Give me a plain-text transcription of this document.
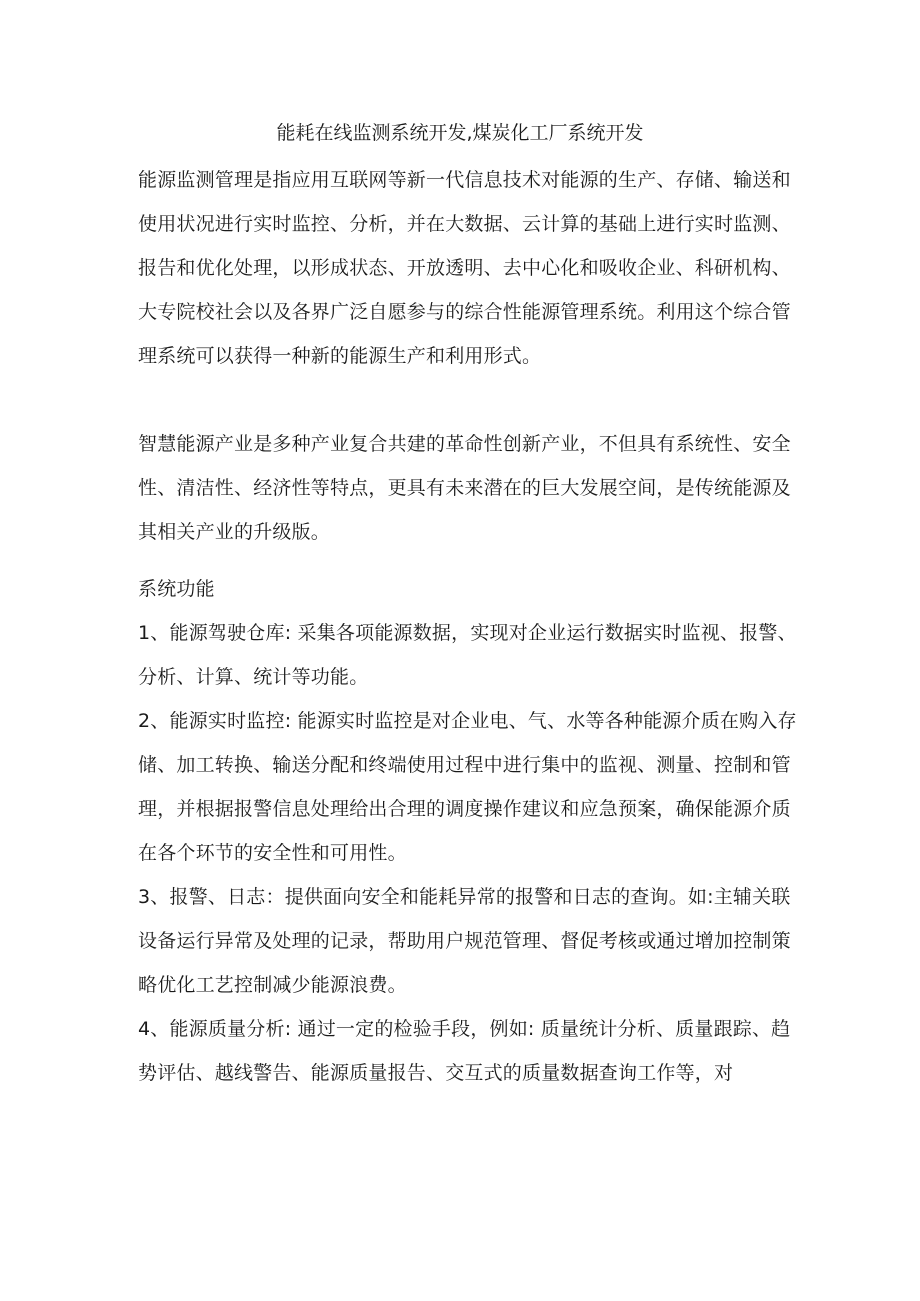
能耗在线监测系统开发,煤炭化工厂系统开发

能源监测管理是指应用互联网等新一代信息技术对能源的生产、存储、输送和使用状况进行实时监控、分析，并在大数据、云计算的基础上进行实时监测、报告和优化处理，以形成状态、开放透明、去中心化和吸收企业、科研机构、大专院校社会以及各界广泛自愿参与的综合性能源管理系统。利用这个综合管理系统可以获得一种新的能源生产和利用形式。

智慧能源产业是多种产业复合共建的革命性创新产业，不但具有系统性、安全性、清洁性、经济性等特点，更具有未来潜在的巨大发展空间，是传统能源及其相关产业的升级版。

系统功能

1、能源驾驶仓库: 采集各项能源数据，实现对企业运行数据实时监视、报警、分析、计算、统计等功能。

2、能源实时监控: 能源实时监控是对企业电、气、水等各种能源介质在购入存储、加工转换、输送分配和终端使用过程中进行集中的监视、测量、控制和管理，并根据报警信息处理给出合理的调度操作建议和应急预案，确保能源介质在各个环节的安全性和可用性。

3、报警、日志：提供面向安全和能耗异常的报警和日志的查询。如:主辅关联设备运行异常及处理的记录，帮助用户规范管理、督促考核或通过增加控制策略优化工艺控制减少能源浪费。

4、能源质量分析: 通过一定的检验手段，例如: 质量统计分析、质量跟踪、趋势评估、越线警告、能源质量报告、交互式的质量数据查询工作等，对
